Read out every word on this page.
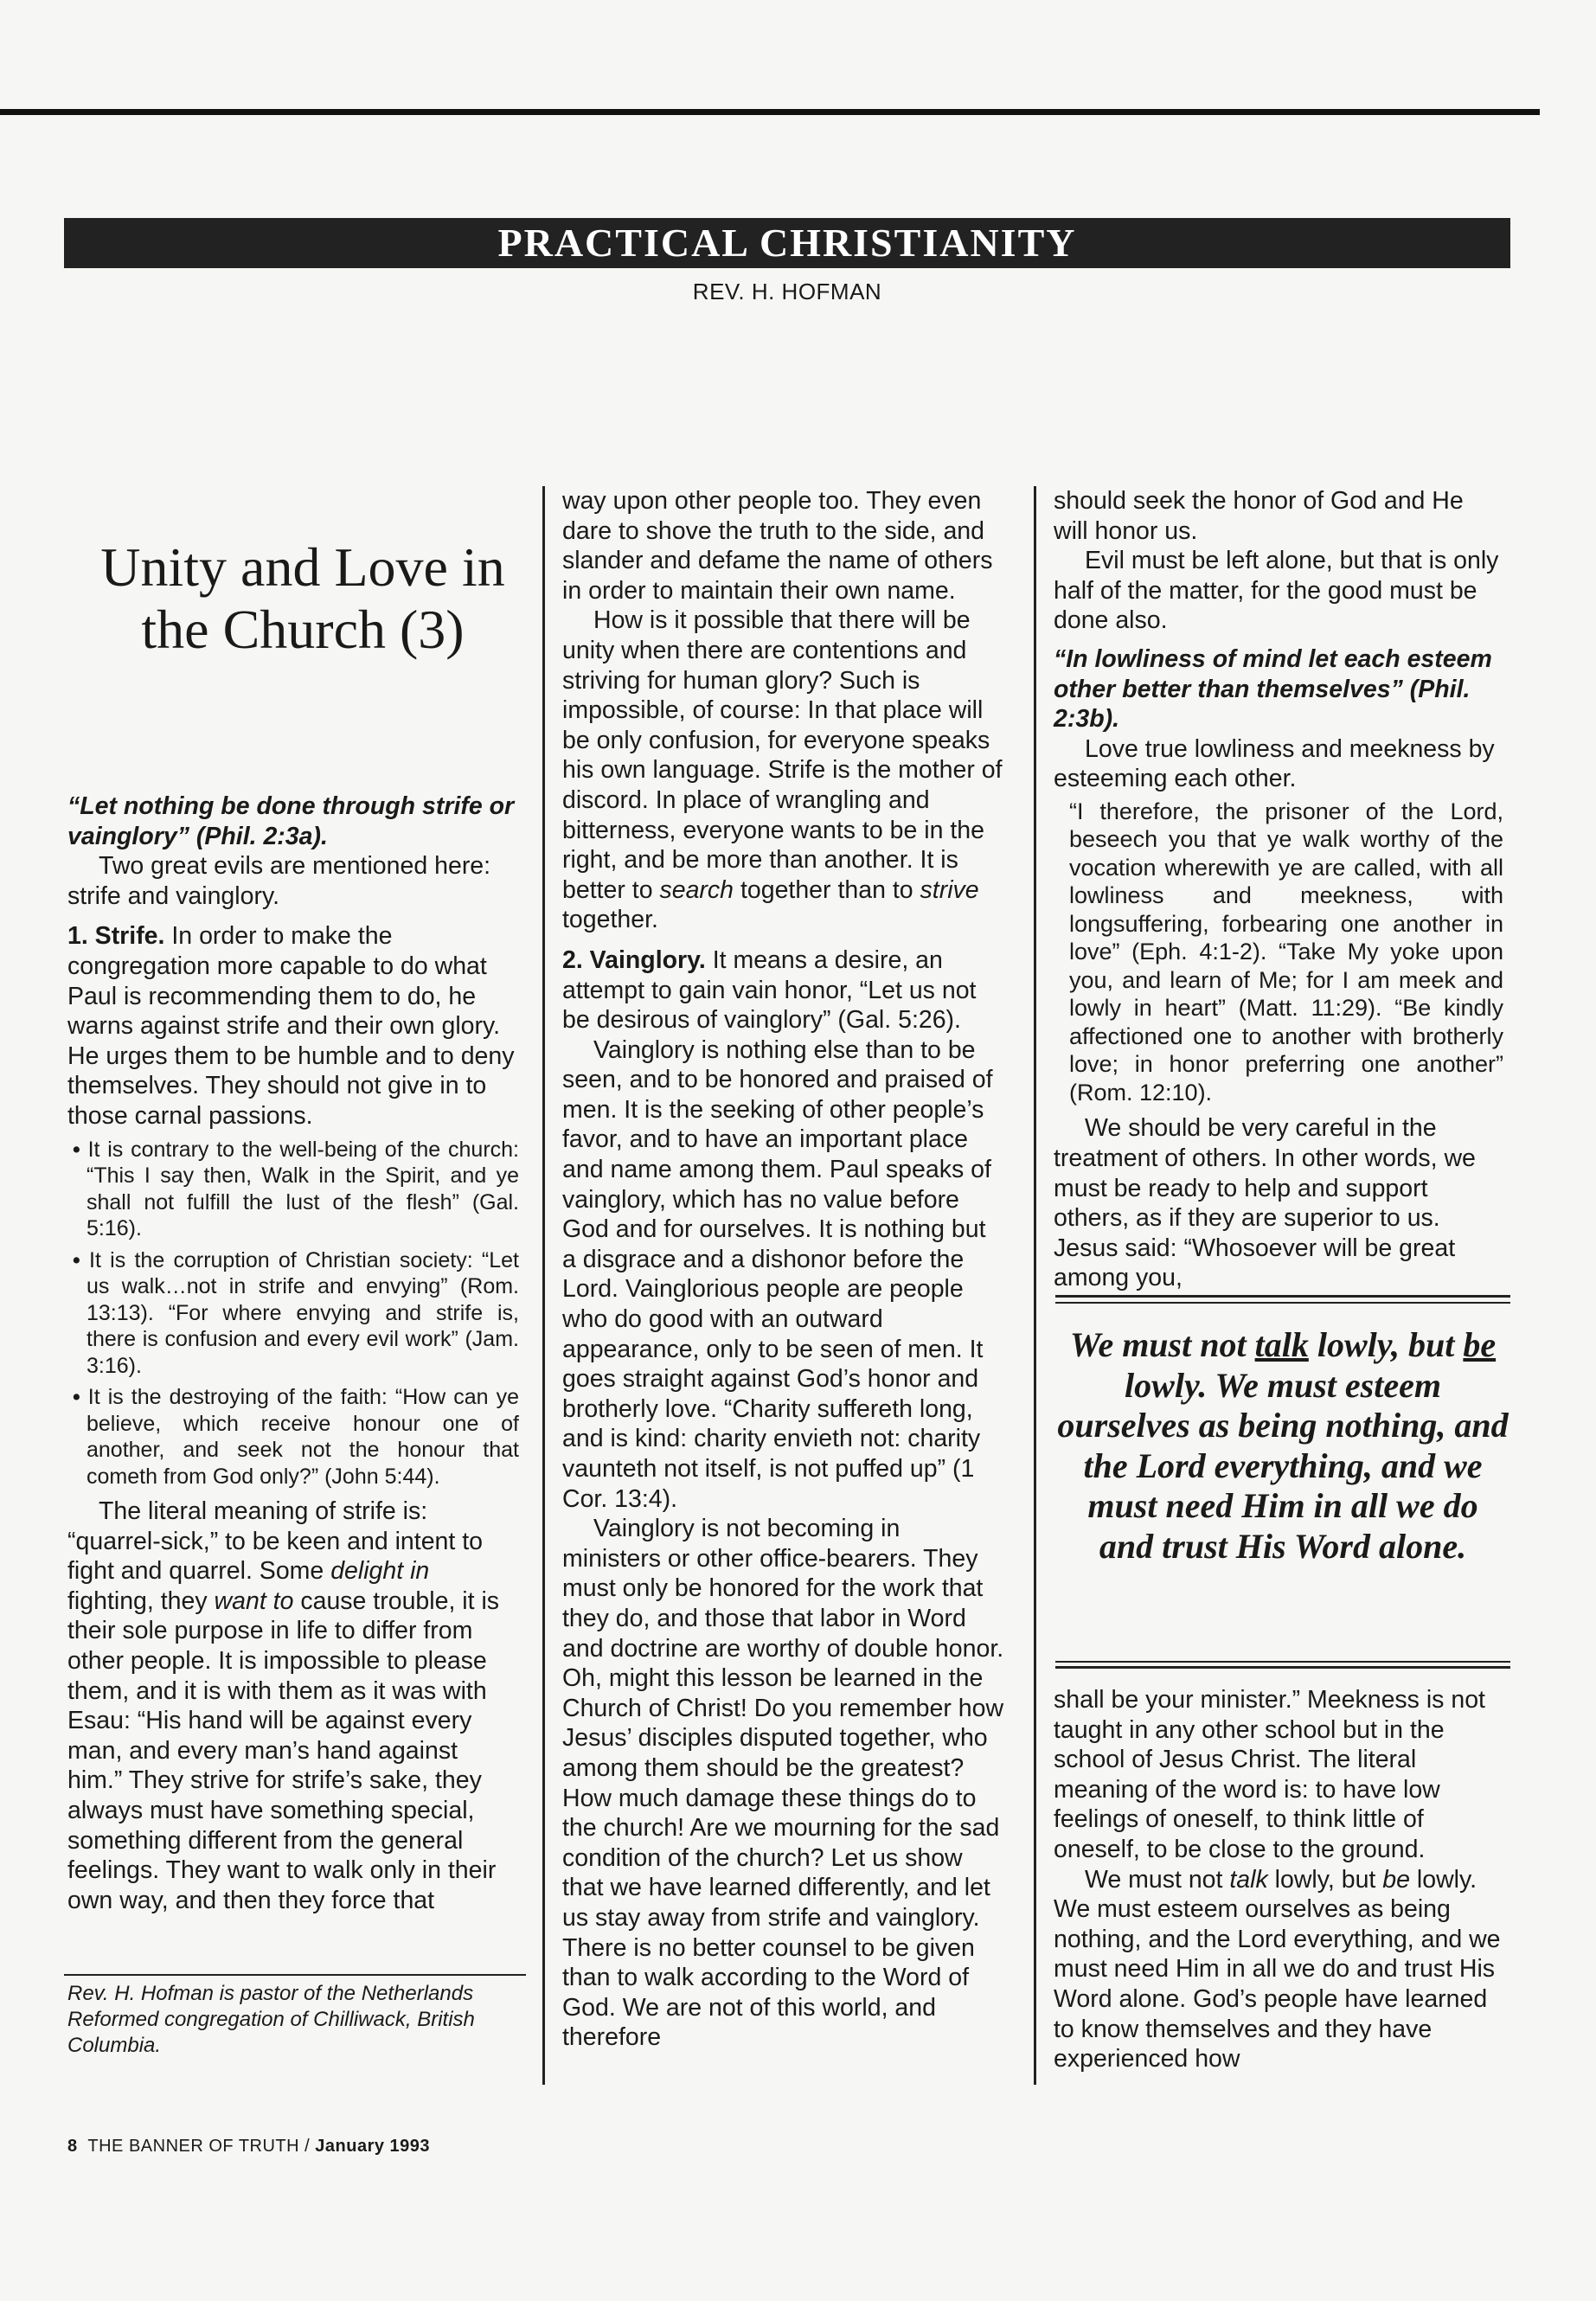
PRACTICAL CHRISTIANITY
REV. H. HOFMAN
Unity and Love in the Church (3)

“Let nothing be done through strife or vainglory” (Phil. 2:3a).

Two great evils are mentioned here: strife and vainglory.

1. Strife. In order to make the congregation more capable to do what Paul is recommending them to do, he warns against strife and their own glory. He urges them to be humble and to deny themselves. They should not give in to those carnal passions.

• It is contrary to the well-being of the church: “This I say then, Walk in the Spirit, and ye shall not fulfill the lust of the flesh” (Gal. 5:16).

• It is the corruption of Christian society: “Let us walk…not in strife and envying” (Rom. 13:13). “For where envying and strife is, there is confusion and every evil work” (Jam. 3:16).

• It is the destroying of the faith: “How can ye believe, which receive honour one of another, and seek not the honour that cometh from God only?” (John 5:44).

The literal meaning of strife is: “quarrel-sick,” to be keen and intent to fight and quarrel. Some delight in fighting, they want to cause trouble, it is their sole purpose in life to differ from other people. It is impossible to please them, and it is with them as it was with Esau: “His hand will be against every man, and every man’s hand against him.” They strive for strife’s sake, they always must have something special, something different from the general feelings. They want to walk only in their own way, and then they force that

Rev. H. Hofman is pastor of the Netherlands Reformed congregation of Chilliwack, British Columbia.

way upon other people too. They even dare to shove the truth to the side, and slander and defame the name of others in order to maintain their own name.

How is it possible that there will be unity when there are contentions and striving for human glory? Such is impossible, of course: In that place will be only confusion, for everyone speaks his own language. Strife is the mother of discord. In place of wrangling and bitterness, everyone wants to be in the right, and be more than another. It is better to search together than to strive together.

2. Vainglory. It means a desire, an attempt to gain vain honor, “Let us not be desirous of vainglory” (Gal. 5:26).

Vainglory is nothing else than to be seen, and to be honored and praised of men. It is the seeking of other people’s favor, and to have an important place and name among them. Paul speaks of vainglory, which has no value before God and for ourselves. It is nothing but a disgrace and a dishonor before the Lord. Vainglorious people are people who do good with an outward appearance, only to be seen of men. It goes straight against God’s honor and brotherly love. “Charity suffereth long, and is kind: charity envieth not: charity vaunteth not itself, is not puffed up” (1 Cor. 13:4).

Vainglory is not becoming in ministers or other office-bearers. They must only be honored for the work that they do, and those that labor in Word and doctrine are worthy of double honor. Oh, might this lesson be learned in the Church of Christ! Do you remember how Jesus’ disciples disputed together, who among them should be the greatest? How much damage these things do to the church! Are we mourning for the sad condition of the church? Let us show that we have learned differently, and let us stay away from strife and vainglory. There is no better counsel to be given than to walk according to the Word of God. We are not of this world, and therefore

should seek the honor of God and He will honor us.

Evil must be left alone, but that is only half of the matter, for the good must be done also.

“In lowliness of mind let each esteem other better than themselves” (Phil. 2:3b).

Love true lowliness and meekness by esteeming each other.

“I therefore, the prisoner of the Lord, beseech you that ye walk worthy of the vocation wherewith ye are called, with all lowliness and meekness, with longsuffering, forbearing one another in love” (Eph. 4:1-2). “Take My yoke upon you, and learn of Me; for I am meek and lowly in heart” (Matt. 11:29). “Be kindly affectioned one to another with brotherly love; in honor preferring one another” (Rom. 12:10).

We should be very careful in the treatment of others. In other words, we must be ready to help and support others, as if they are superior to us. Jesus said: “Whosoever will be great among you,

We must not talk lowly, but be lowly. We must esteem ourselves as being nothing, and the Lord everything, and we must need Him in all we do and trust His Word alone.

shall be your minister.” Meekness is not taught in any other school but in the school of Jesus Christ. The literal meaning of the word is: to have low feelings of oneself, to think little of oneself, to be close to the ground.

We must not talk lowly, but be lowly. We must esteem ourselves as being nothing, and the Lord everything, and we must need Him in all we do and trust His Word alone. God’s people have learned to know themselves and they have experienced how

8 THE BANNER OF TRUTH / January 1993
